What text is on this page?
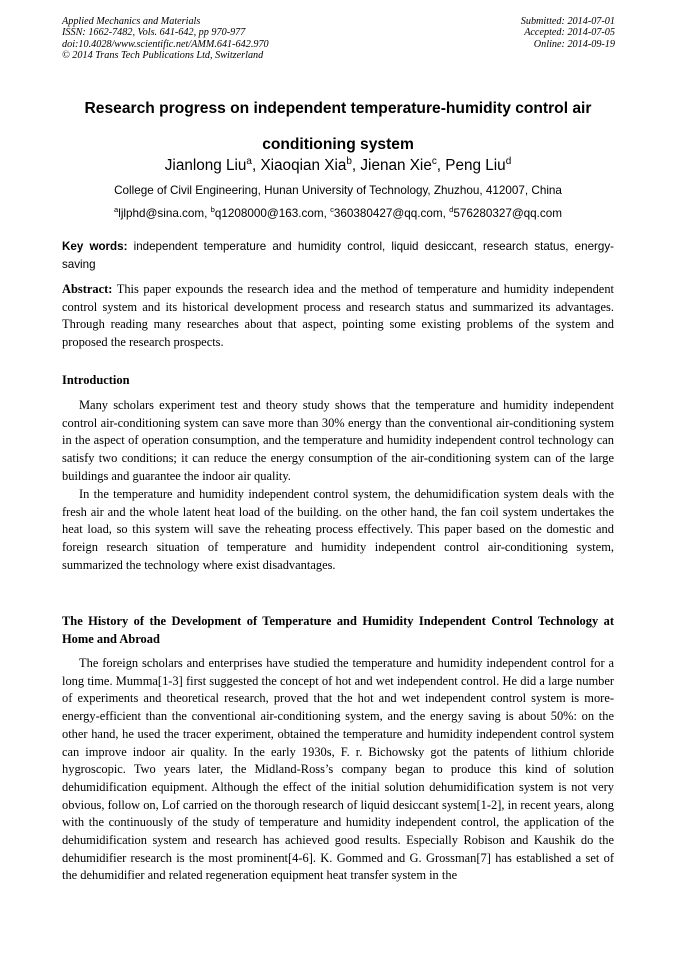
Applied Mechanics and Materials
ISSN: 1662-7482, Vols. 641-642, pp 970-977
doi:10.4028/www.scientific.net/AMM.641-642.970
© 2014 Trans Tech Publications Ltd, Switzerland
Submitted: 2014-07-01
Accepted: 2014-07-05
Online: 2014-09-19
Research progress on independent temperature-humidity control air
conditioning system
Jianlong Liu$^a$, Xiaoqian Xia$^b$, Jienan Xie$^c$, Peng Liu$^d$
College of Civil Engineering, Hunan University of Technology, Zhuzhou, 412007, China
$^a$ljlphd@sina.com, $^b$q1208000@163.com, $^c$360380427@qq.com, $^d$576280327@qq.com
Key words: independent temperature and humidity control, liquid desiccant, research status, energy-saving

Abstract: This paper expounds the research idea and the method of temperature and humidity independent control system and its historical development process and research status and summarized its advantages. Through reading many researches about that aspect, pointing some existing problems of the system and proposed the research prospects.

Introduction

Many scholars experiment test and theory study shows that the temperature and humidity independent control air-conditioning system can save more than 30% energy than the conventional air-conditioning system in the aspect of operation consumption, and the temperature and humidity independent control technology can satisfy two conditions; it can reduce the energy consumption of the air-conditioning system can of the large buildings and guarantee the indoor air quality.

In the temperature and humidity independent control system, the dehumidification system deals with the fresh air and the whole latent heat load of the building. on the other hand, the fan coil system undertakes the heat load, so this system will save the reheating process effectively. This paper based on the domestic and foreign research situation of temperature and humidity independent control air-conditioning system, summarized the technology where exist disadvantages.

The History of the Development of Temperature and Humidity Independent Control Technology at Home and Abroad

The foreign scholars and enterprises have studied the temperature and humidity independent control for a long time. Mumma[1-3] first suggested the concept of hot and wet independent control. He did a large number of experiments and theoretical research, proved that the hot and wet independent control system is more-energy-efficient than the conventional air-conditioning system, and the energy saving is about 50%: on the other hand, he used the tracer experiment, obtained the temperature and humidity independent control system can improve indoor air quality. In the early 1930s, F. r. Bichowsky got the patents of lithium chloride hygroscopic. Two years later, the Midland-Ross’s company began to produce this kind of solution dehumidification equipment. Although the effect of the initial solution dehumidification system is not very obvious, follow on, Lof carried on the thorough research of liquid desiccant system[1-2], in recent years, along with the continuously of the study of temperature and humidity independent control, the application of the dehumidification system and research has achieved good results. Especially Robison and Kaushik do the dehumidifier research is the most prominent[4-6]. K. Gommed and G. Grossman[7] has established a set of the dehumidifier and related regeneration equipment heat transfer system in the
